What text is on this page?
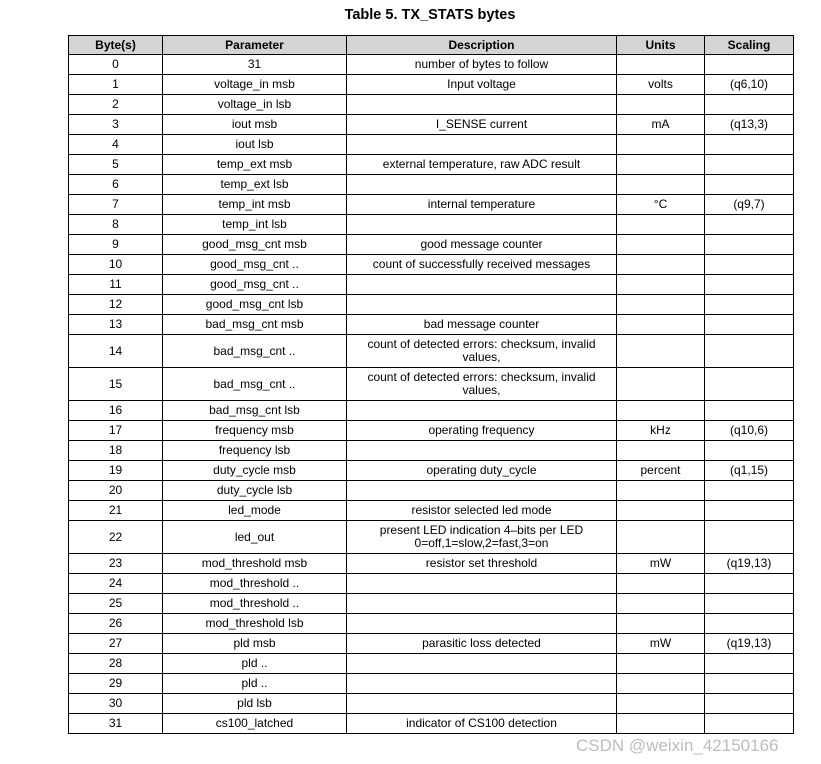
Table 5. TX_STATS bytes
Byte(s)	Parameter	Description	Units	Scaling
0	31	number of bytes to follow		
1	voltage_in msb	Input voltage	volts	(q6,10)
2	voltage_in lsb			
3	iout msb	I_SENSE current	mA	(q13,3)
4	iout lsb			
5	temp_ext msb	external temperature, raw ADC result		
6	temp_ext lsb			
7	temp_int msb	internal temperature	°C	(q9,7)
8	temp_int lsb			
9	good_msg_cnt msb	good message counter		
10	good_msg_cnt ..	count of successfully received messages		
11	good_msg_cnt ..			
12	good_msg_cnt lsb			
13	bad_msg_cnt msb	bad message counter		
14	bad_msg_cnt ..	count of detected errors: checksum, invalid values,		
15	bad_msg_cnt ..	count of detected errors: checksum, invalid values,		
16	bad_msg_cnt lsb			
17	frequency msb	operating frequency	kHz	(q10,6)
18	frequency lsb			
19	duty_cycle msb	operating duty_cycle	percent	(q1,15)
20	duty_cycle lsb			
21	led_mode	resistor selected led mode		
22	led_out	present LED indication 4–bits per LED 0=off,1=slow,2=fast,3=on		
23	mod_threshold msb	resistor set threshold	mW	(q19,13)
24	mod_threshold ..			
25	mod_threshold ..			
26	mod_threshold lsb			
27	pld msb	parasitic loss detected	mW	(q19,13)
28	pld ..			
29	pld ..			
30	pld lsb			
31	cs100_latched	indicator of CS100 detection		
CSDN @weixin_42150166
